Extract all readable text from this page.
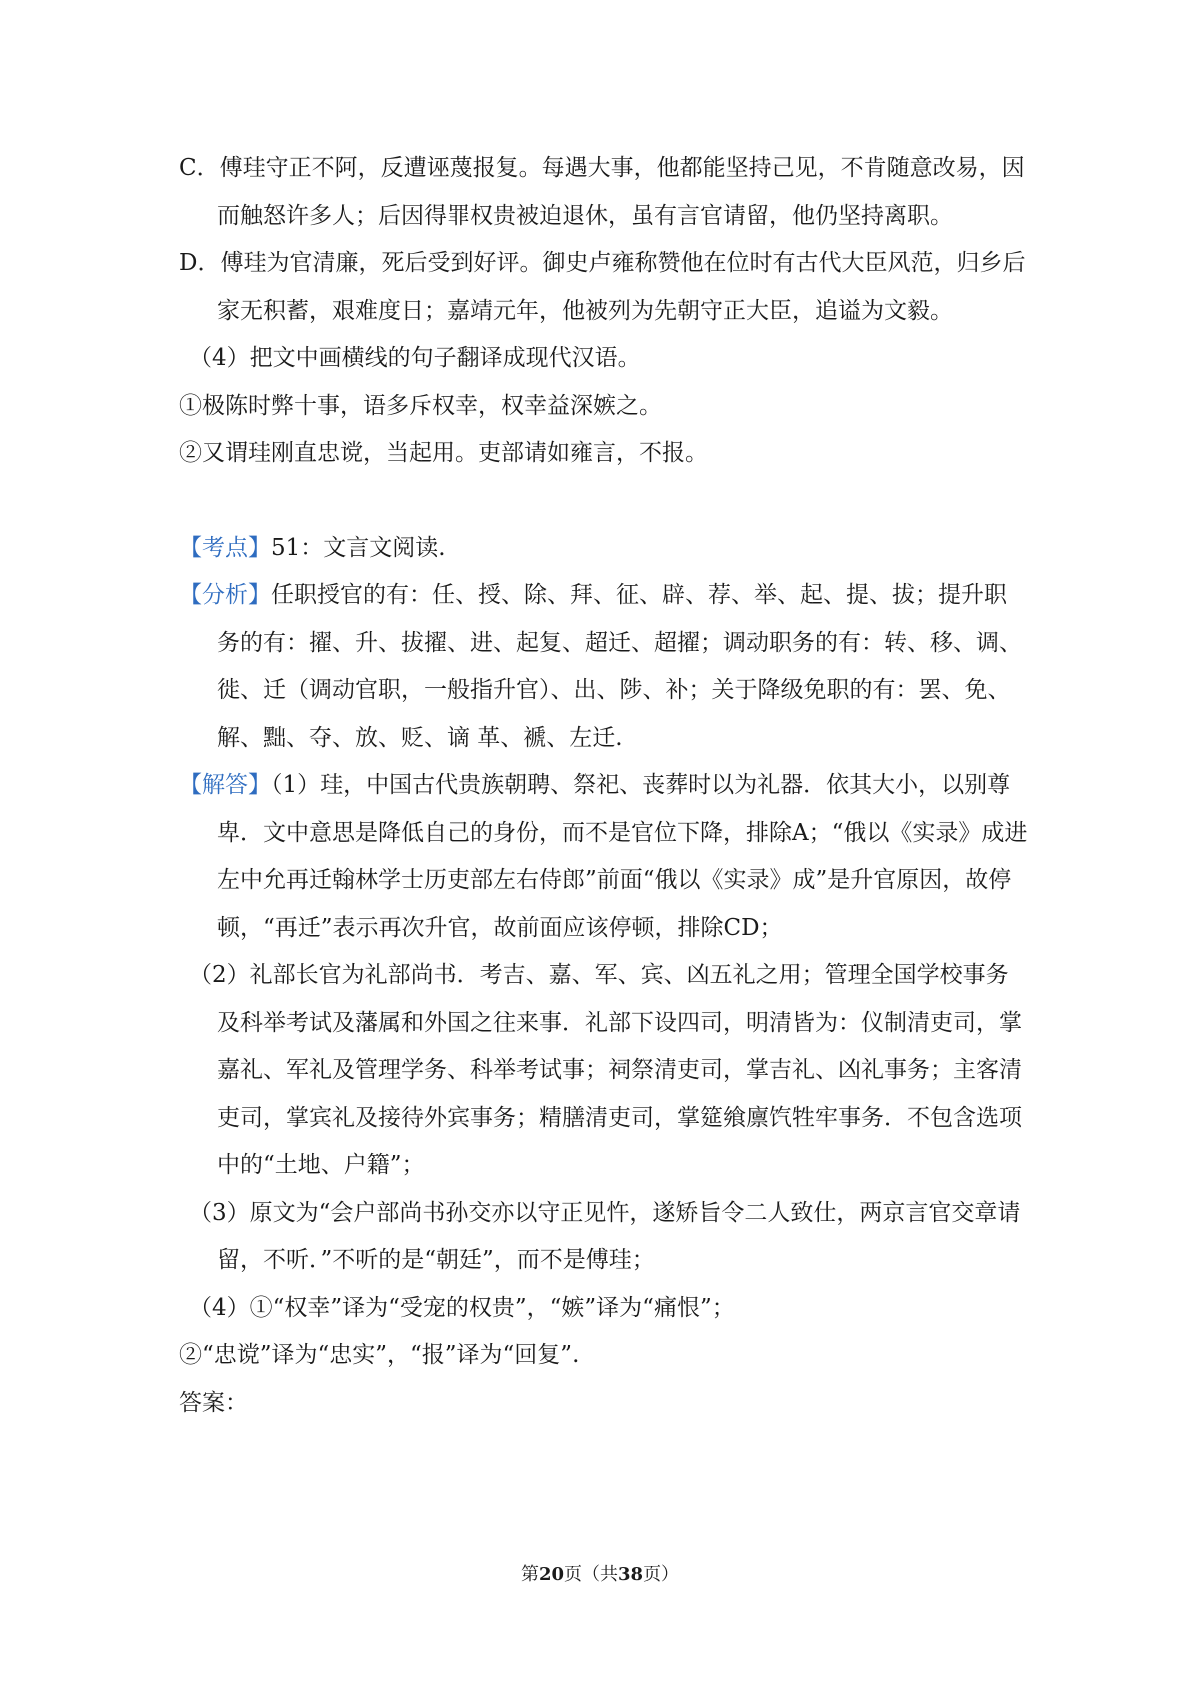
C．傅珪守正不阿，反遭诬蔑报复。每遇大事，他都能坚持己见，不肯随意改易，因而触怒许多人；后因得罪权贵被迫退休，虽有言官请留，他仍坚持离职。

D．傅珪为官清廉，死后受到好评。御史卢雍称赞他在位时有古代大臣风范，归乡后家无积蓄，艰难度日；嘉靖元年，他被列为先朝守正大臣，追谥为文毅。

（4）把文中画横线的句子翻译成现代汉语。

①极陈时弊十事，语多斥权幸，权幸益深嫉之。

②又谓珪刚直忠谠，当起用。吏部请如雍言，不报。

【考点】51：文言文阅读.

【分析】任职授官的有：任、授、除、拜、征、辟、荐、举、起、提、拔；提升职务的有：擢、升、拔擢、进、起复、超迁、超擢；调动职务的有：转、移、调、徙、迁（调动官职，一般指升官）、出、陟、补；关于降级免职的有：罢、免、解、黜、夺、放、贬、谪 革、褫、左迁.

【解答】（1）珪，中国古代贵族朝聘、祭祀、丧葬时以为礼器．依其大小，以别尊卑．文中意思是降低自己的身份，而不是官位下降，排除A；“俄以《实录》成进左中允再迁翰林学士历吏部左右侍郎”前面“俄以《实录》成”是升官原因，故停顿，“再迁”表示再次升官，故前面应该停顿，排除CD；

（2）礼部长官为礼部尚书．考吉、嘉、军、宾、凶五礼之用；管理全国学校事务及科举考试及藩属和外国之往来事．礼部下设四司，明清皆为：仪制清吏司，掌嘉礼、军礼及管理学务、科举考试事；祠祭清吏司，掌吉礼、凶礼事务；主客清吏司，掌宾礼及接待外宾事务；精膳清吏司，掌筵飨廪饩牲牢事务．不包含选项中的“土地、户籍”；

（3）原文为“会户部尚书孙交亦以守正见忤，遂矫旨令二人致仕，两京言官交章请留，不听．”不听的是“朝廷”，而不是傅珪；

（4）①“权幸”译为“受宠的权贵”，“嫉”译为“痛恨”；

②“忠谠”译为“忠实”，“报”译为“回复”.

答案：

第20页（共38页）
